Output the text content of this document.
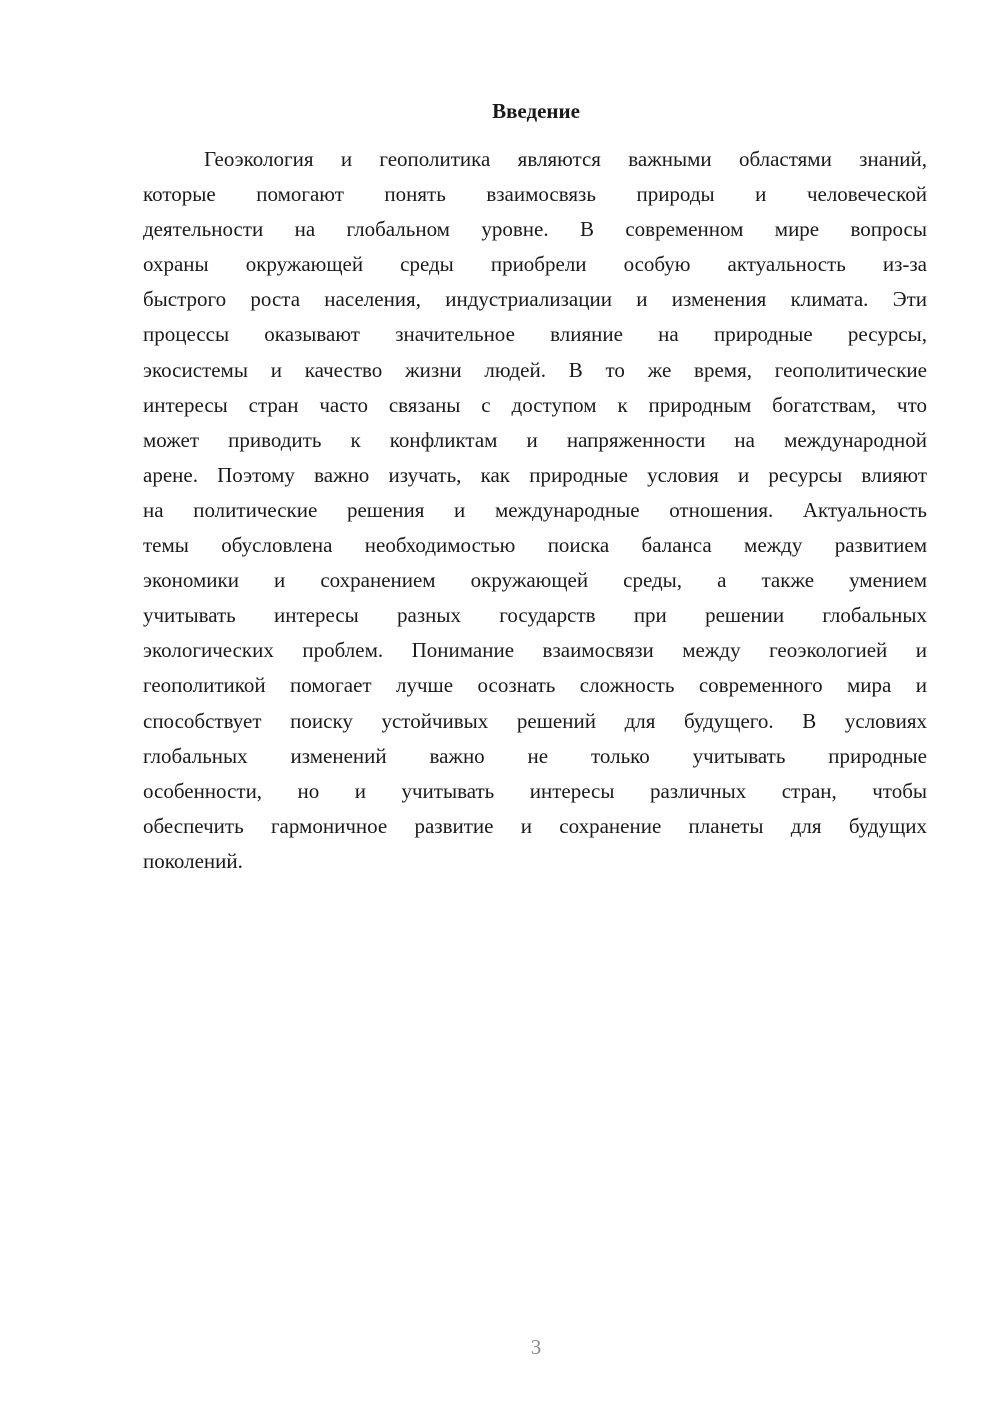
Введение
Геоэкология и геополитика являются важными областями знаний,
которые помогают понять взаимосвязь природы и человеческой
деятельности на глобальном уровне. В современном мире вопросы
охраны окружающей среды приобрели особую актуальность из-за
быстрого роста населения, индустриализации и изменения климата. Эти
процессы оказывают значительное влияние на природные ресурсы,
экосистемы и качество жизни людей. В то же время, геополитические
интересы стран часто связаны с доступом к природным богатствам, что
может приводить к конфликтам и напряженности на международной
арене. Поэтому важно изучать, как природные условия и ресурсы влияют
на политические решения и международные отношения. Актуальность
темы обусловлена необходимостью поиска баланса между развитием
экономики и сохранением окружающей среды, а также умением
учитывать интересы разных государств при решении глобальных
экологических проблем. Понимание взаимосвязи между геоэкологией и
геополитикой помогает лучше осознать сложность современного мира и
способствует поиску устойчивых решений для будущего. В условиях
глобальных изменений важно не только учитывать природные
особенности, но и учитывать интересы различных стран, чтобы
обеспечить гармоничное развитие и сохранение планеты для будущих
поколений.
3
